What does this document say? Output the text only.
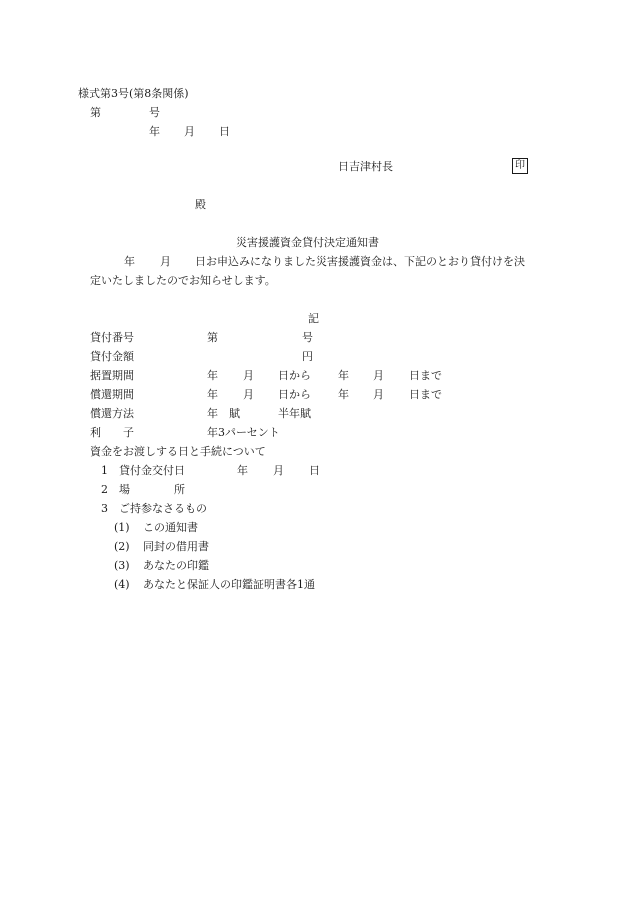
様式第3号(第8条関係)
第	号
年 月 日
日吉津村長	印
殿
災害援護資金貸付決定通知書
年 月 日お申込みになりました災害援護資金は、下記のとおり貸付けを決
定いたしましたのでお知らせします。
記
貸付番号	第	号
貸付金額	円
据置期間	年 月 日から 年 月 日まで
償還期間	年 月 日から 年 月 日まで
償還方法	年　賦	半年賦
利　　子	年3パーセント
資金をお渡しする日と手続について
1 貸付金交付日	年 月 日
2 場　　　　所
3 ご持参なさるもの
(1) この通知書
(2) 同封の借用書
(3) あなたの印鑑
(4) あなたと保証人の印鑑証明書各1通
